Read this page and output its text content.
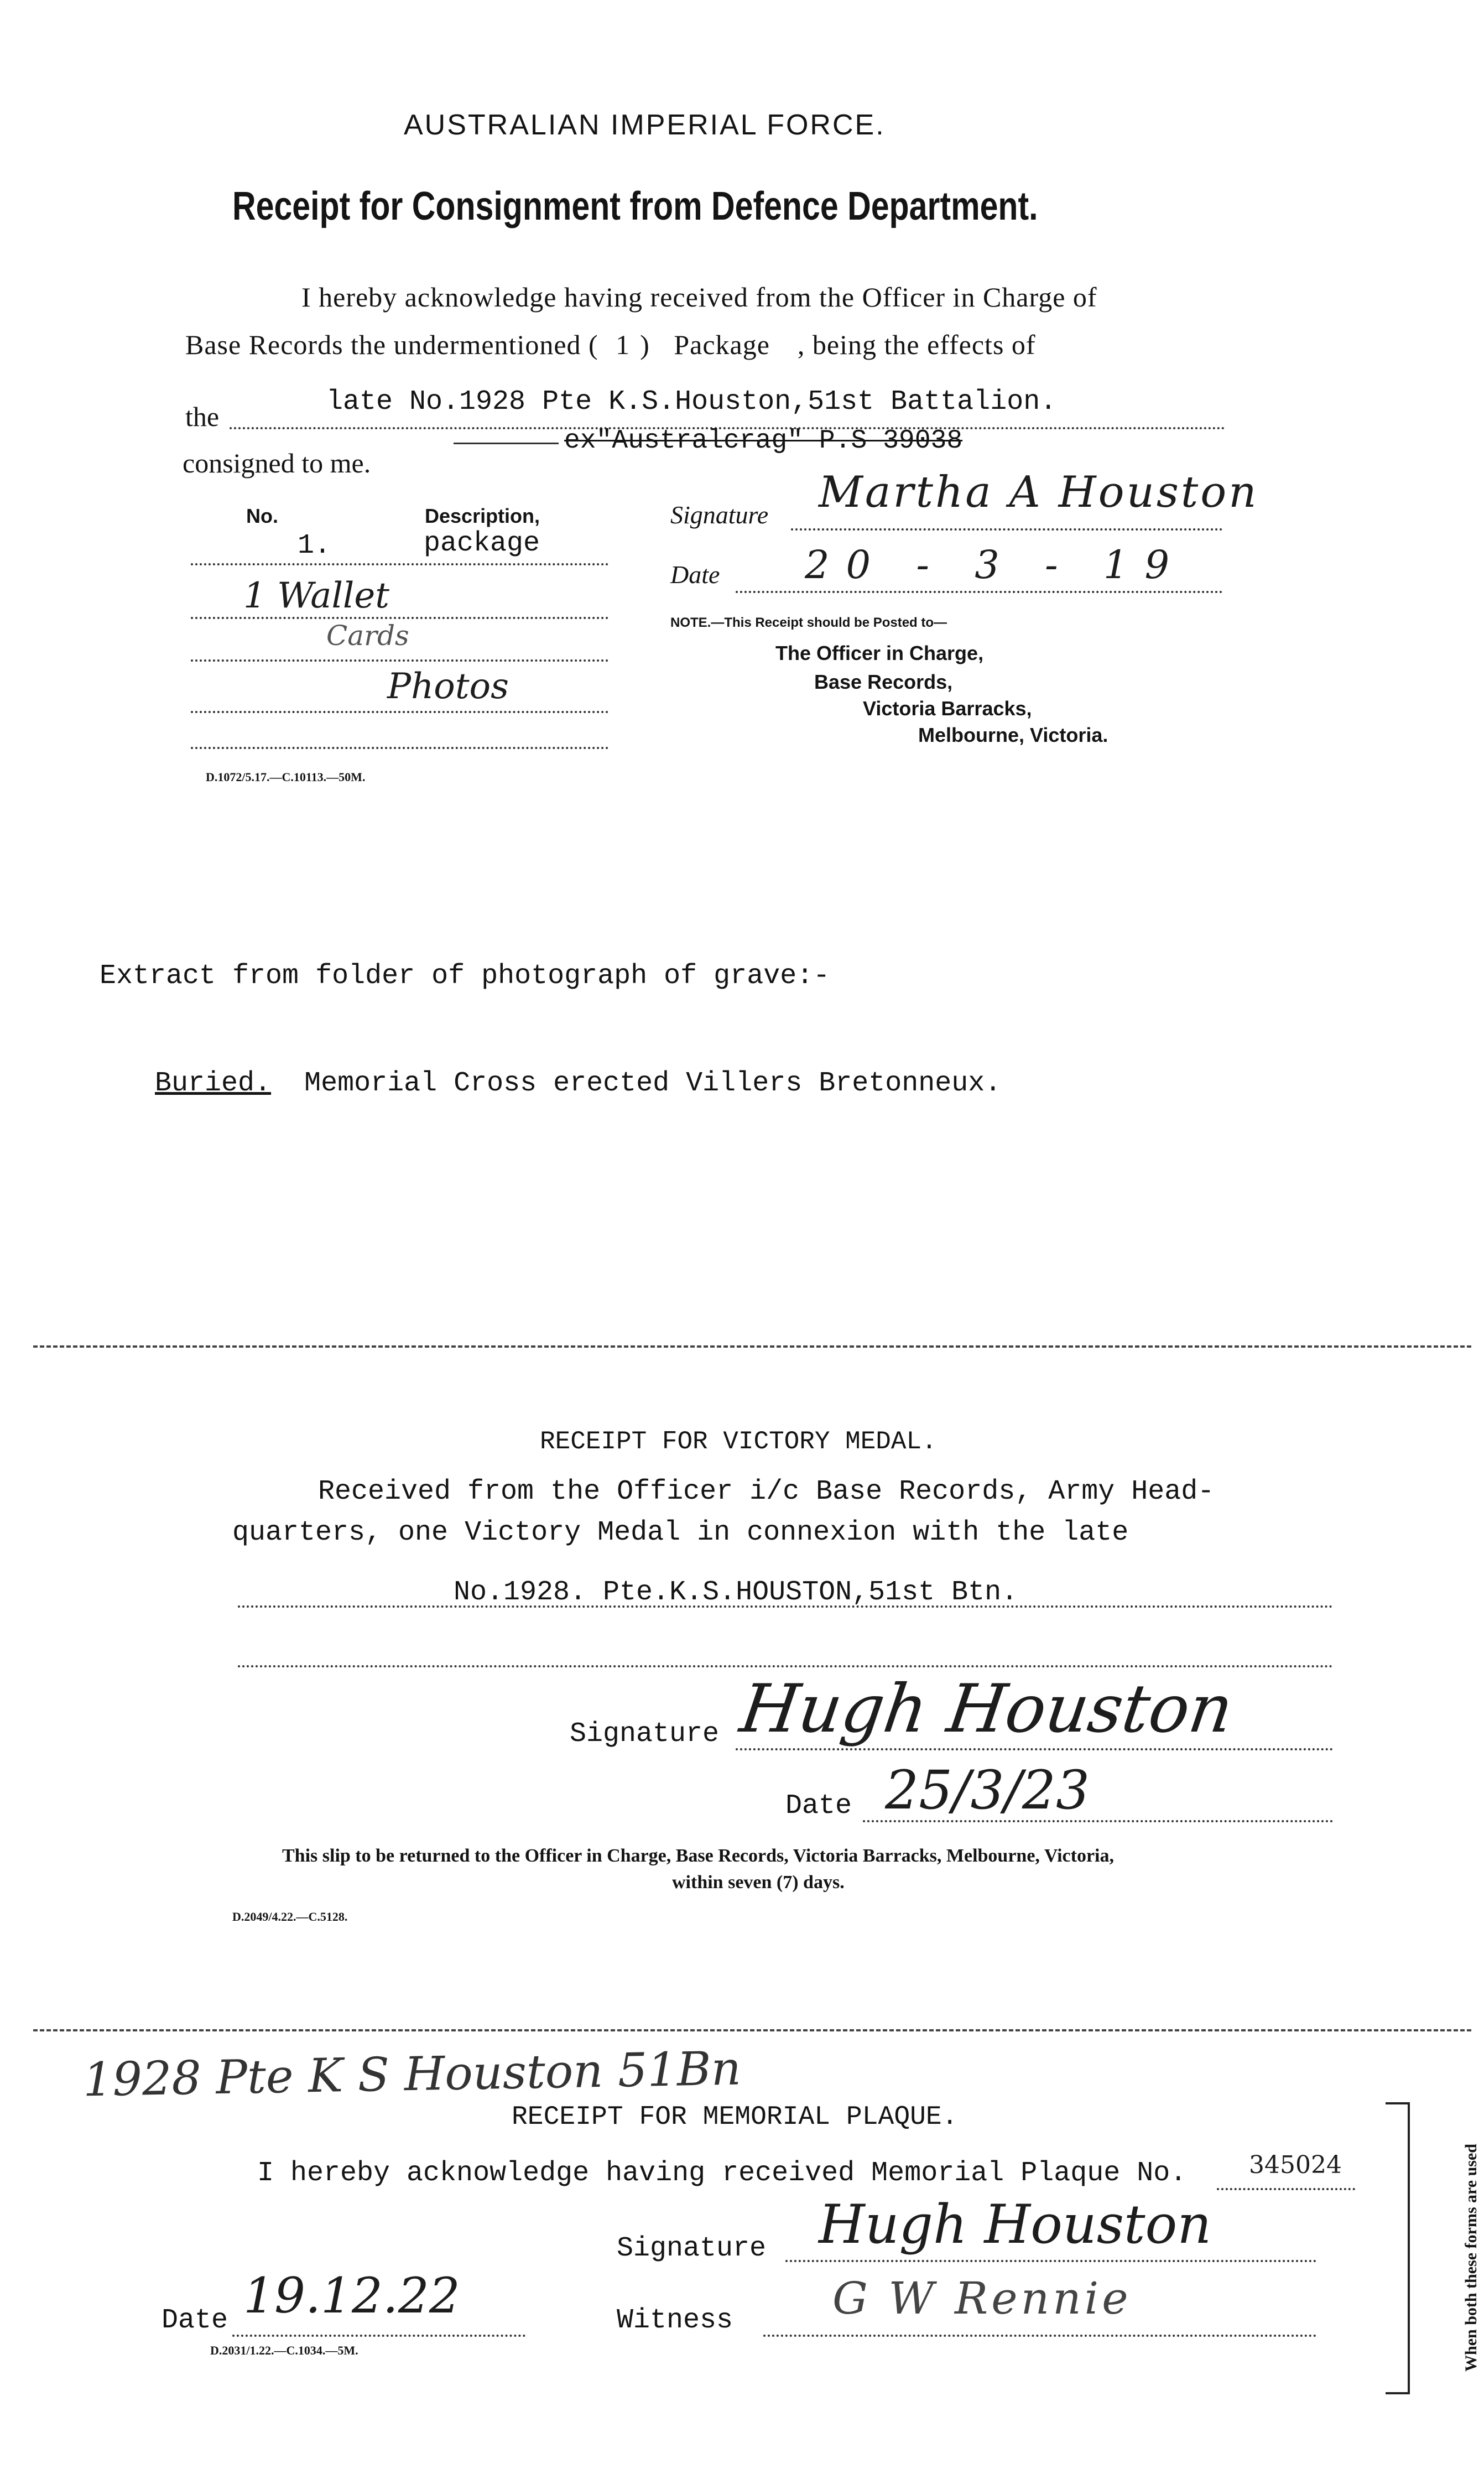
AUSTRALIAN IMPERIAL FORCE.
Receipt for Consignment from Defence Department.
I hereby acknowledge having received from the Officer in Charge of
Base Records the undermentioned ( 1 ) Package , being the effects of
the	late No.1928 Pte K.S.Houston,51st Battalion.
ex"Australcrag" P.S 39038
consigned to me.
No.	Description,
1.	package
1 Wallet
Cards
Photos
D.1072/5.17.—C.10113.—50M.
Signature Martha A Houston
Date 20 - 3 - 19
NOTE.—This Receipt should be Posted to—
The Officer in Charge,
Base Records,
Victoria Barracks,
Melbourne, Victoria.
Extract from folder of photograph of grave:-
Buried. Memorial Cross erected Villers Bretonneux.
RECEIPT FOR VICTORY MEDAL.
Received from the Officer i/c Base Records, Army Head-
quarters, one Victory Medal in connexion with the late
No.1928. Pte.K.S.HOUSTON,51st Btn.
Signature Hugh Houston
Date 25/3/23
This slip to be returned to the Officer in Charge, Base Records, Victoria Barracks, Melbourne, Victoria,
within seven (7) days.
D.2049/4.22.—C.5128.
1928 Pte K S Houston 51Bn
RECEIPT FOR MEMORIAL PLAQUE.
I hereby acknowledge having received Memorial Plaque No.	345024
Signature Hugh Houston
Witness G W Rennie
Date 19.12.22
D.2031/1.22.—C.1034.—5M.	When both these forms are used
